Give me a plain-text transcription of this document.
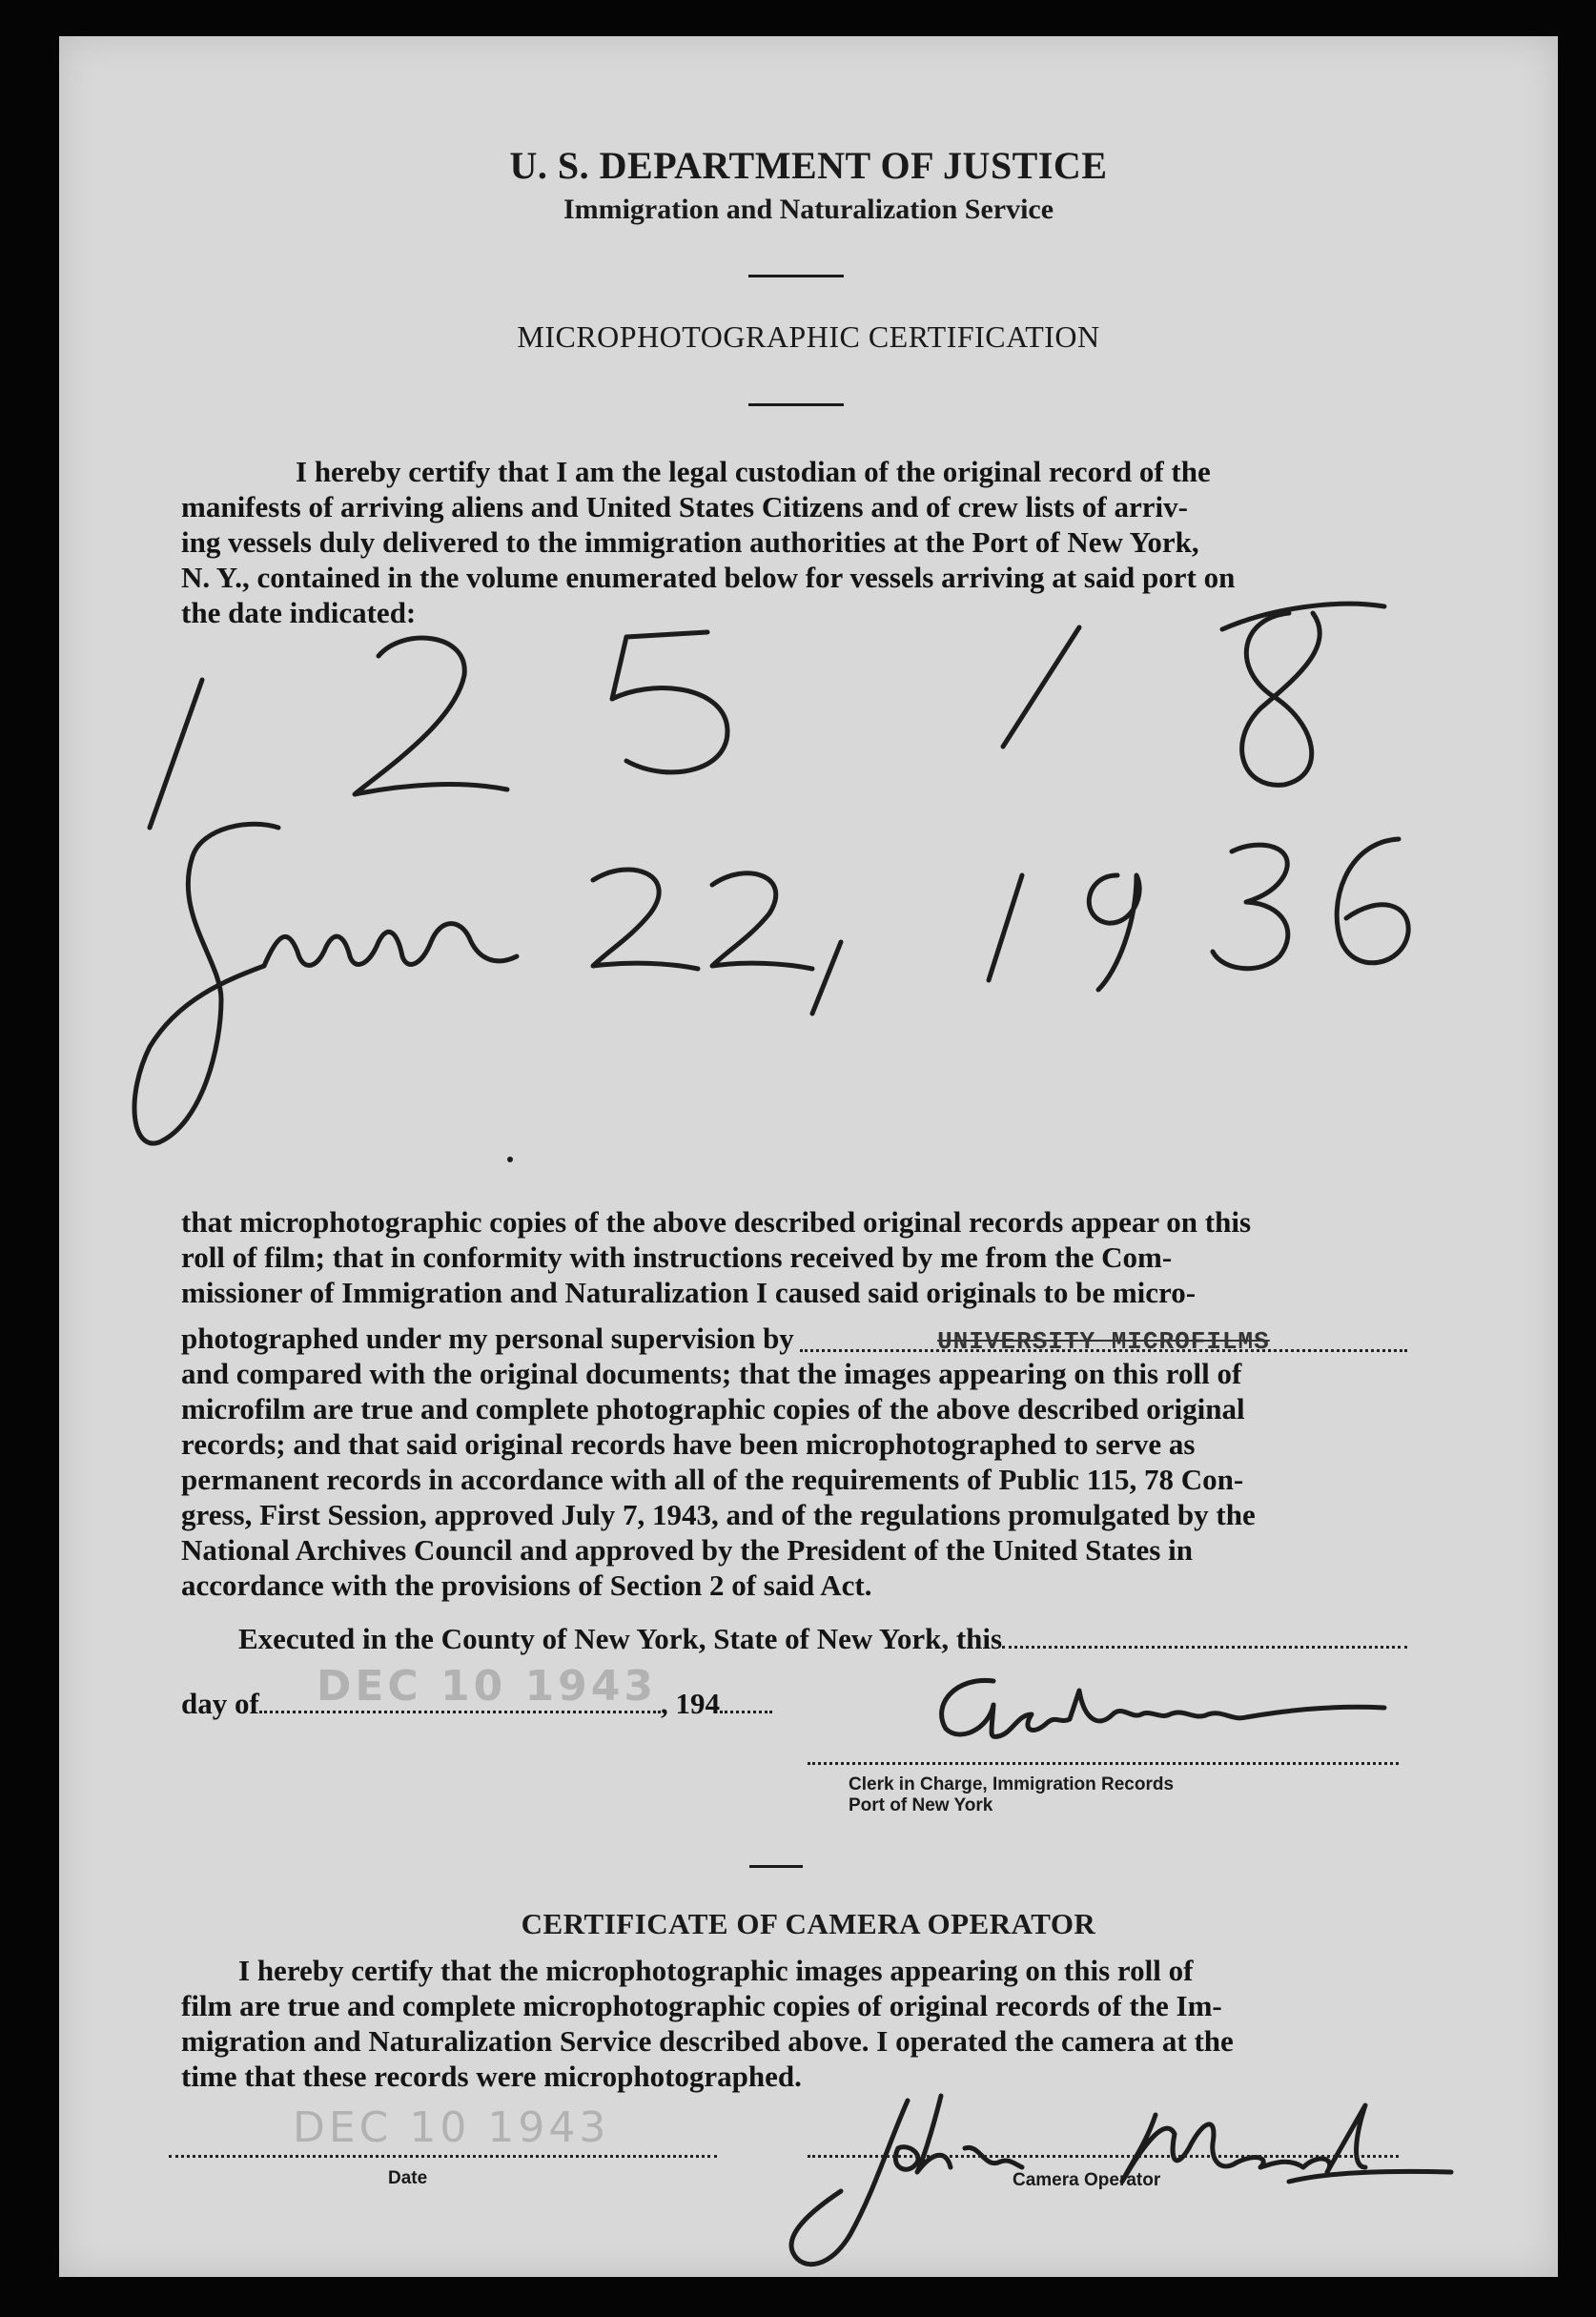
U. S. DEPARTMENT OF JUSTICE
Immigration and Naturalization Service
MICROPHOTOGRAPHIC CERTIFICATION
I hereby certify that I am the legal custodian of the original record of the
manifests of arriving aliens and United States Citizens and of crew lists of arriv-
ing vessels duly delivered to the immigration authorities at the Port of New York,
N. Y., contained in the volume enumerated below for vessels arriving at said port on
the date indicated:
that microphotographic copies of the above described original records appear on this
roll of film; that in conformity with instructions received by me from the Com-
missioner of Immigration and Naturalization I caused said originals to be micro-
photographed under my personal supervision by	UNIVERSITY MICROFILMS
and compared with the original documents; that the images appearing on this roll of
microfilm are true and complete photographic copies of the above described original
records; and that said original records have been microphotographed to serve as
permanent records in accordance with all of the requirements of Public 115, 78 Con-
gress, First Session, approved July 7, 1943, and of the regulations promulgated by the
National Archives Council and approved by the President of the United States in
accordance with the provisions of Section 2 of said Act.
Executed in the County of New York, State of New York, this
day of DEC 10 1943 , 194
Clerk in Charge, Immigration Records
Port of New York
CERTIFICATE OF CAMERA OPERATOR
I hereby certify that the microphotographic images appearing on this roll of
film are true and complete microphotographic copies of original records of the Im-
migration and Naturalization Service described above. I operated the camera at the
time that these records were microphotographed.
DEC 10 1943
Date	Camera Operator
